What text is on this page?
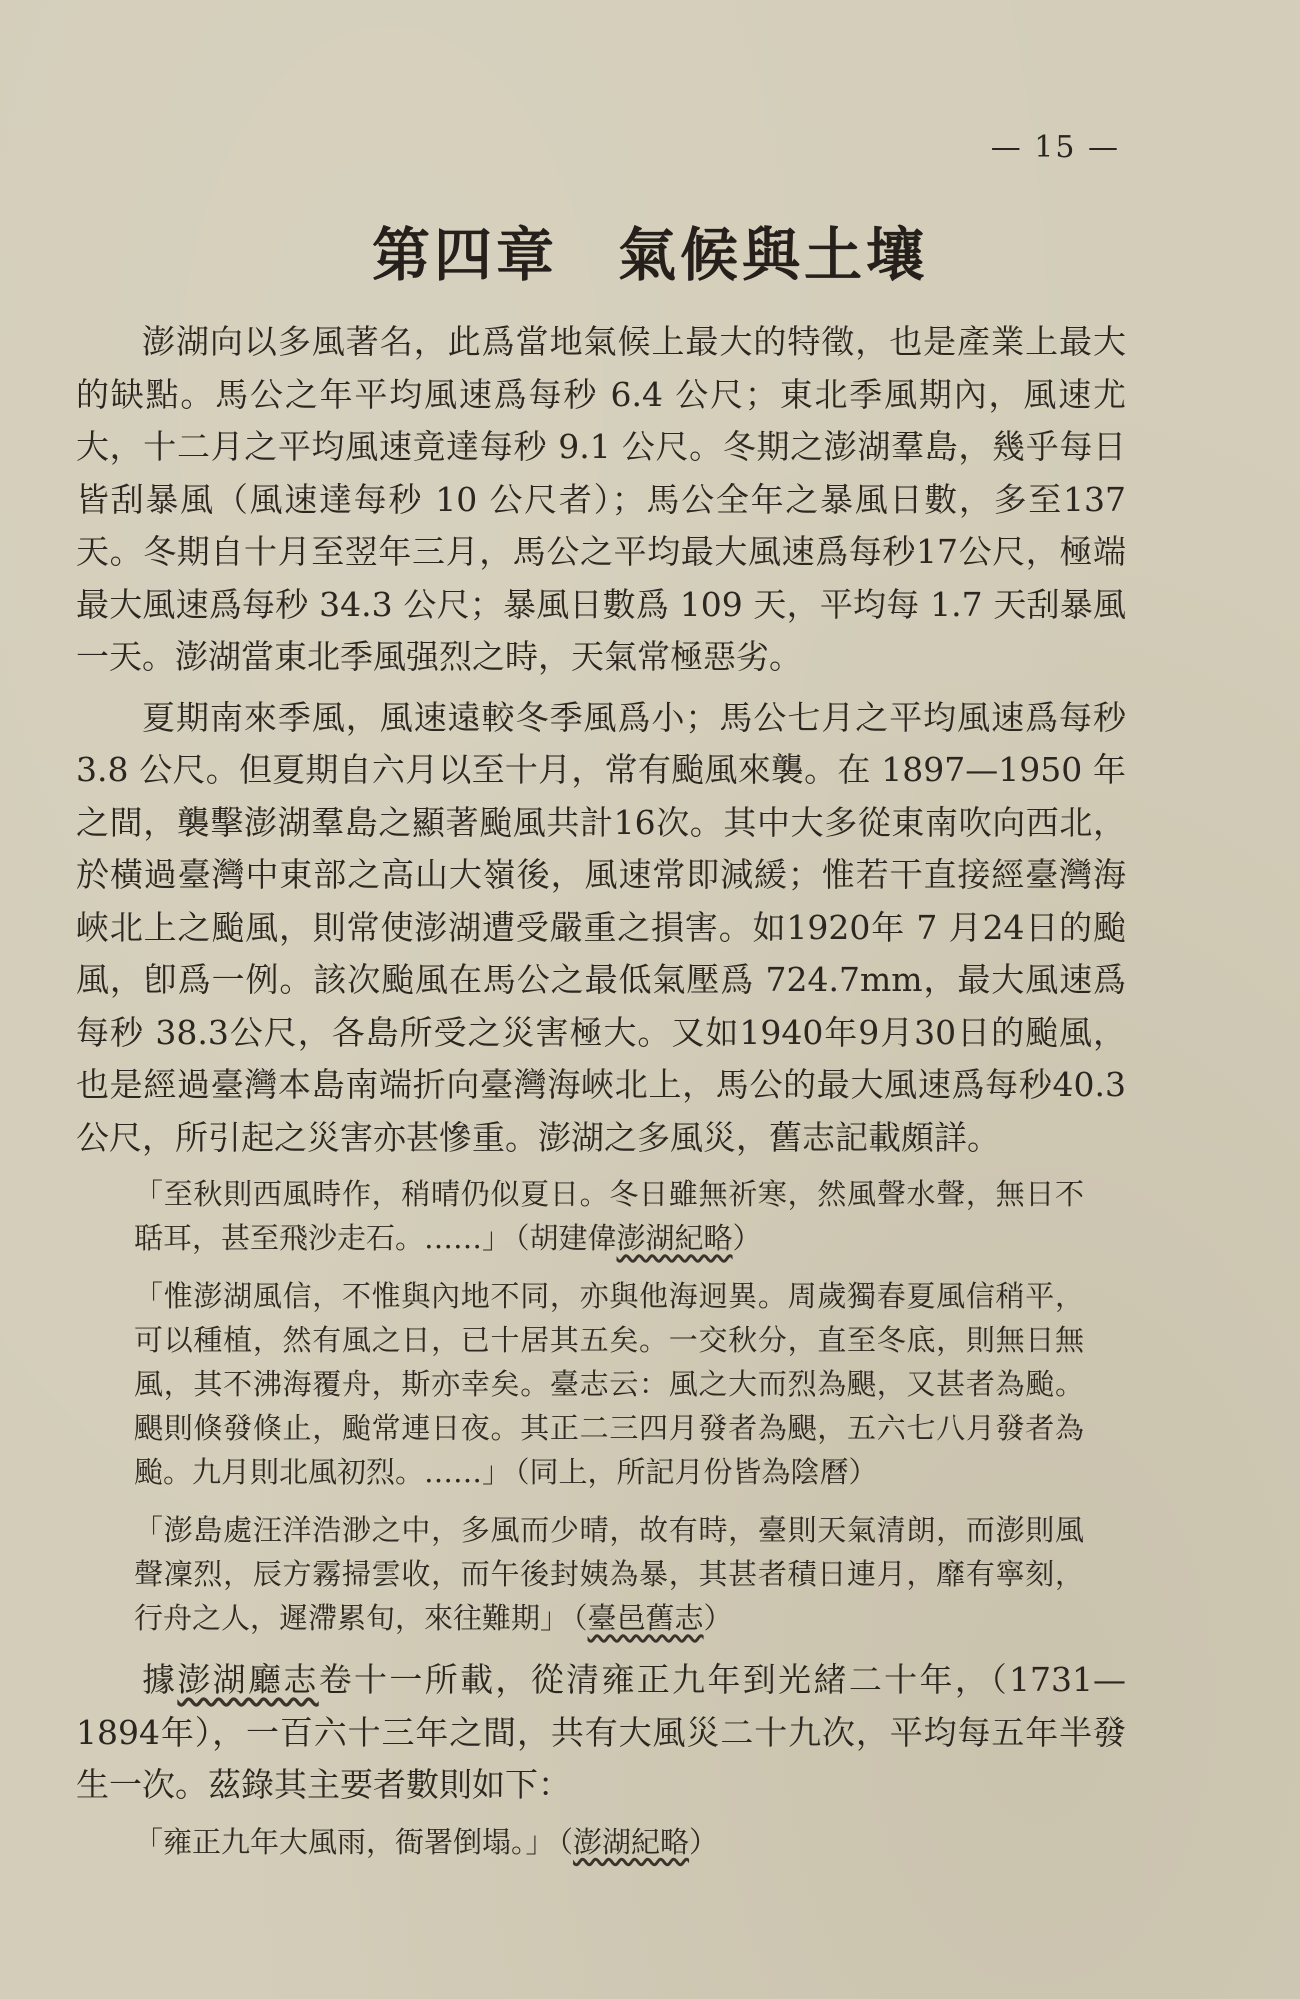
— 15 —
第四章 氣候與土壤

澎湖向以多風著名，此爲當地氣候上最大的特徵，也是產業上最大的缺點。馬公之年平均風速爲每秒 6.4 公尺；東北季風期內，風速尤大，十二月之平均風速竟達每秒 9.1 公尺。冬期之澎湖羣島，幾乎每日皆刮暴風（風速達每秒 10 公尺者）；馬公全年之暴風日數，多至137天。冬期自十月至翌年三月，馬公之平均最大風速爲每秒17公尺，極端最大風速爲每秒 34.3 公尺；暴風日數爲 109 天，平均每 1.7 天刮暴風一天。澎湖當東北季風强烈之時，天氣常極惡劣。

夏期南來季風，風速遠較冬季風爲小；馬公七月之平均風速爲每秒 3.8 公尺。但夏期自六月以至十月，常有颱風來襲。在 1897—1950 年之間，襲擊澎湖羣島之顯著颱風共計16次。其中大多從東南吹向西北，於橫過臺灣中東部之高山大嶺後，風速常即減緩；惟若干直接經臺灣海峽北上之颱風，則常使澎湖遭受嚴重之損害。如1920年 7 月24日的颱風，卽爲一例。該次颱風在馬公之最低氣壓爲 724.7mm，最大風速爲每秒 38.3公尺，各島所受之災害極大。又如1940年9月30日的颱風，也是經過臺灣本島南端折向臺灣海峽北上，馬公的最大風速爲每秒40.3公尺，所引起之災害亦甚慘重。澎湖之多風災，舊志記載頗詳。

「至秋則西風時作，稍晴仍似夏日。冬日雖無祈寒，然風聲水聲，無日不聒耳，甚至飛沙走石。……」 （胡建偉澎湖紀略）
「惟澎湖風信，不惟與內地不同，亦與他海迥異。周歲獨春夏風信稍平，可以種植，然有風之日，已十居其五矣。一交秋分，直至冬底，則無日無風，其不沸海覆舟，斯亦幸矣。臺志云：風之大而烈為颶，又甚者為颱。颶則倏發倏止，颱常連日夜。其正二三四月發者為颶，五六七八月發者為颱。九月則北風初烈。……」 （同上，所記月份皆為陰曆）
「澎島處汪洋浩渺之中，多風而少晴，故有時，臺則天氣清朗，而澎則風聲凜烈，辰方霧掃雲收，而午後封姨為暴，其甚者積日連月，靡有寧刻，行舟之人，遲滯累旬，來往難期」 （臺邑舊志）

據澎湖廳志卷十一所載，從清雍正九年到光緒二十年，（1731—1894年），一百六十三年之間，共有大風災二十九次，平均每五年半發生一次。茲錄其主要者數則如下：

「雍正九年大風雨，衙署倒塌。」 （澎湖紀略）
